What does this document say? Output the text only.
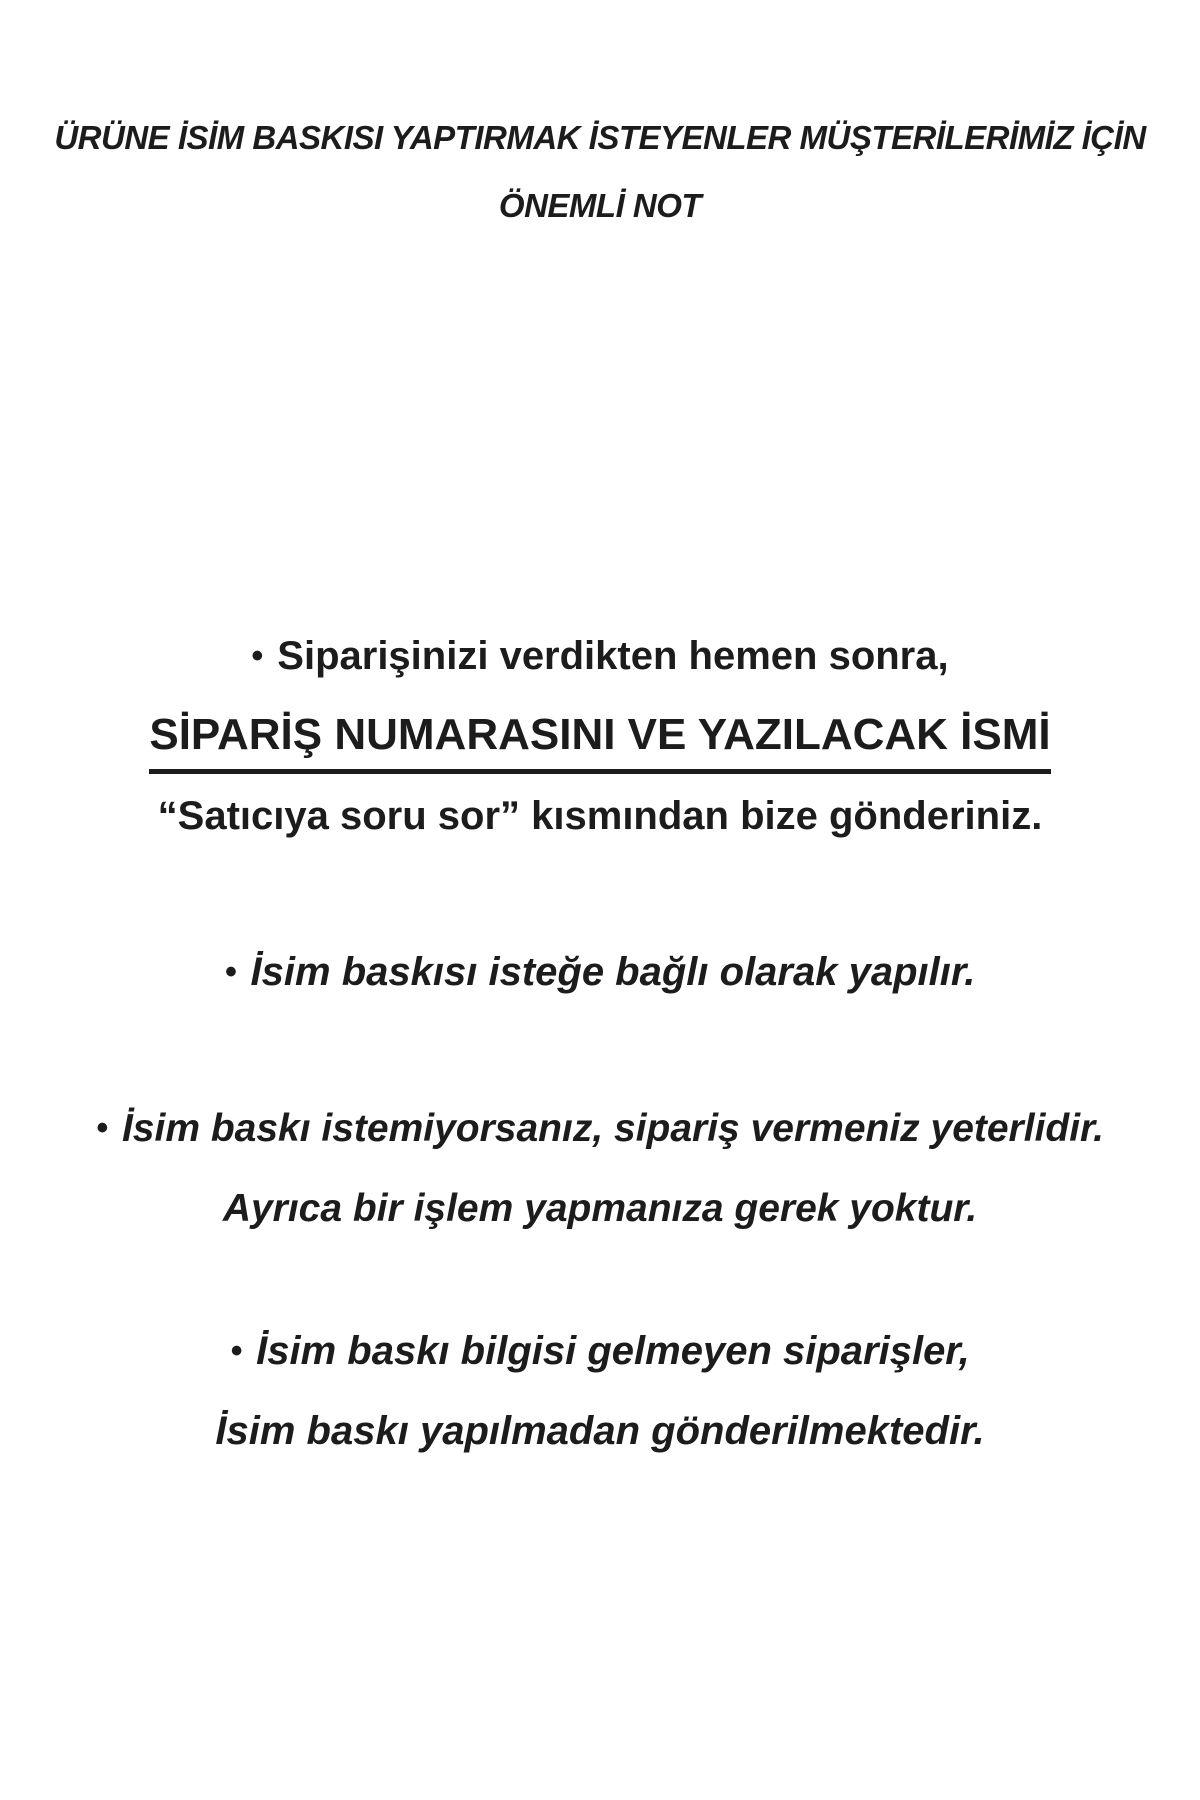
ÜRÜNE İSİM BASKISI YAPTIRMAK İSTEYENLER MÜŞTERİLERİMİZ İÇİN
ÖNEMLİ NOT
• Siparişinizi verdikten hemen sonra,
SİPARİŞ NUMARASINI VE YAZILACAK İSMİ
“Satıcıya soru sor” kısmından bize gönderiniz.
• İsim baskısı isteğe bağlı olarak yapılır.
• İsim baskı istemiyorsanız, sipariş vermeniz yeterlidir.
Ayrıca bir işlem yapmanıza gerek yoktur.
• İsim baskı bilgisi gelmeyen siparişler,
İsim baskı yapılmadan gönderilmektedir.
